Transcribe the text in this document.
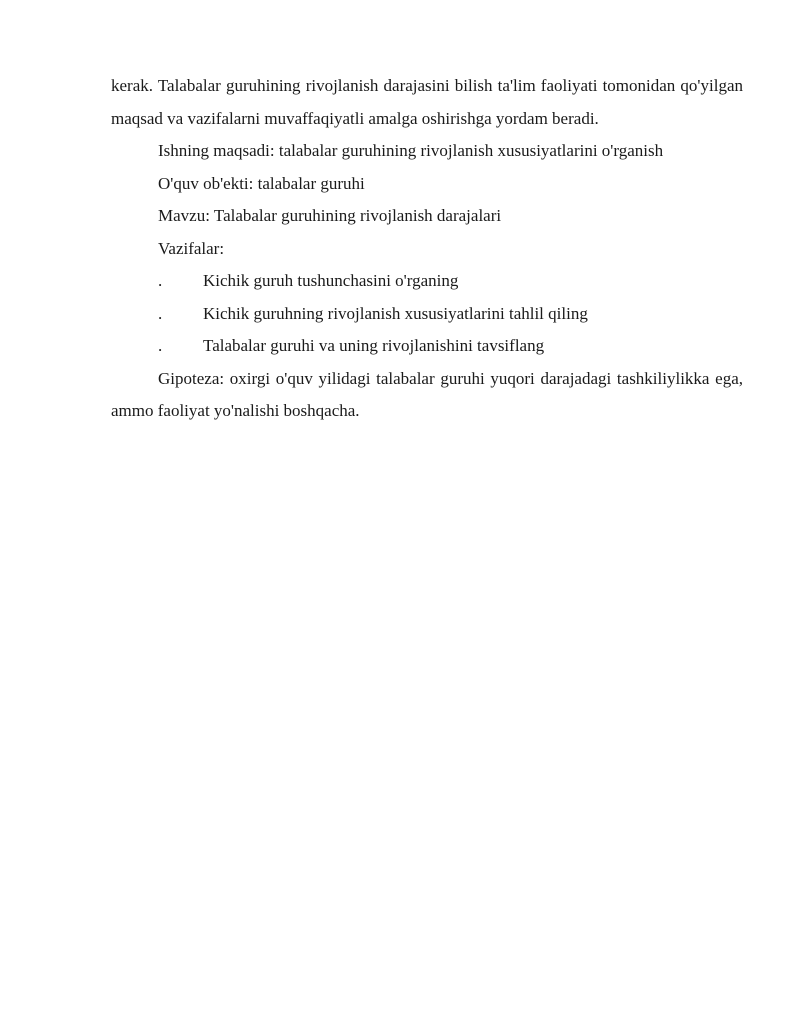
kerak. Talabalar guruhining rivojlanish darajasini bilish ta'lim faoliyati tomonidan qo'yilgan maqsad va vazifalarni muvaffaqiyatli amalga oshirishga yordam beradi.

Ishning maqsadi: talabalar guruhining rivojlanish xususiyatlarini o'rganish

O'quv ob'ekti: talabalar guruhi

Mavzu: Talabalar guruhining rivojlanish darajalari

Vazifalar:

. Kichik guruh tushunchasini o'rganing
. Kichik guruhning rivojlanish xususiyatlarini tahlil qiling
. Talabalar guruhi va uning rivojlanishini tavsiflang

Gipoteza: oxirgi o'quv yilidagi talabalar guruhi yuqori darajadagi tashkiliylikka ega, ammo faoliyat yo'nalishi boshqacha.
